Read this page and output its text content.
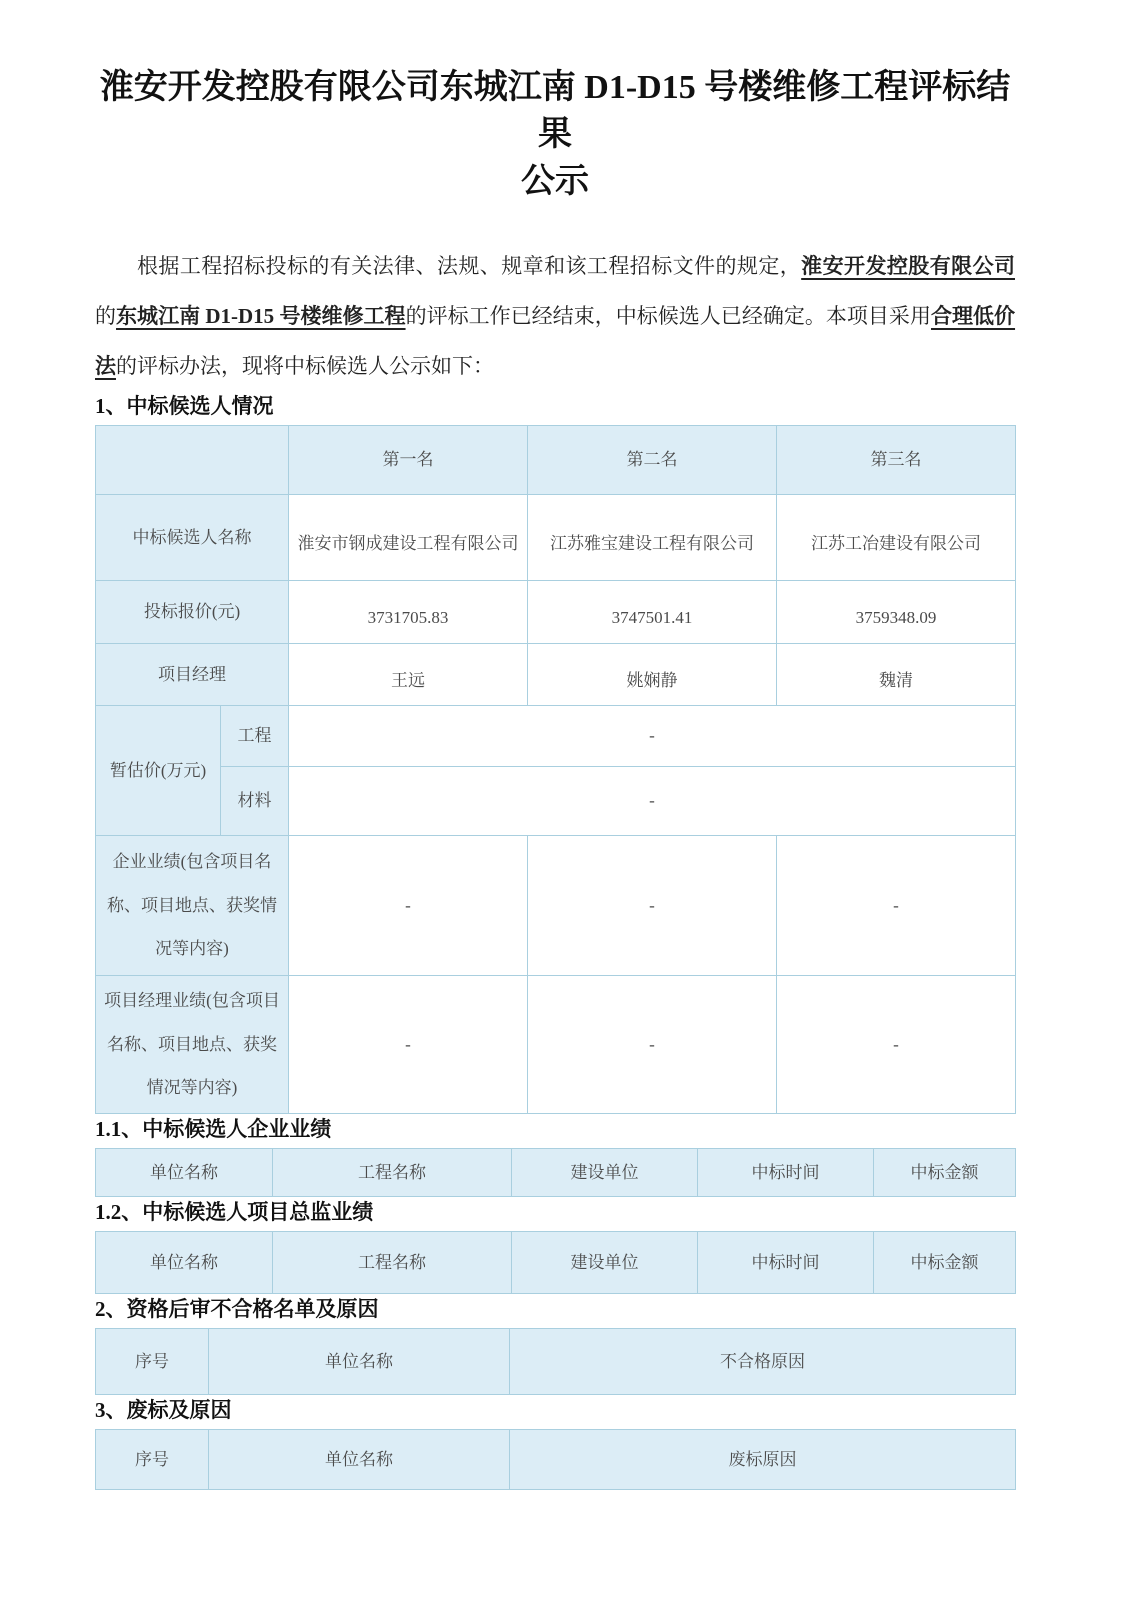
淮安开发控股有限公司东城江南 D1-D15 号楼维修工程评标结果
公示

根据工程招标投标的有关法律、法规、规章和该工程招标文件的规定，淮安开发控股有限公司的东城江南 D1-D15 号楼维修工程的评标工作已经结束，中标候选人已经确定。本项目采用合理低价法的评标办法，现将中标候选人公示如下：

1、中标候选人情况
		第一名	第二名	第三名
中标候选人名称		淮安市钢成建设工程有限公司	江苏雅宝建设工程有限公司	江苏工冶建设有限公司
投标报价(元)		3731705.83	3747501.41	3759348.09
项目经理		王远	姚娴静	魏清
暂估价(万元)	工程	-		
	材料	-		
企业业绩(包含项目名称、项目地点、获奖情况等内容)		-	-	-
项目经理业绩(包含项目名称、项目地点、获奖情况等内容)		-	-	-
1.1、中标候选人企业业绩
单位名称	工程名称	建设单位	中标时间	中标金额
1.2、中标候选人项目总监业绩
单位名称	工程名称	建设单位	中标时间	中标金额
2、资格后审不合格名单及原因
序号	单位名称	不合格原因
3、废标及原因
序号	单位名称	废标原因
